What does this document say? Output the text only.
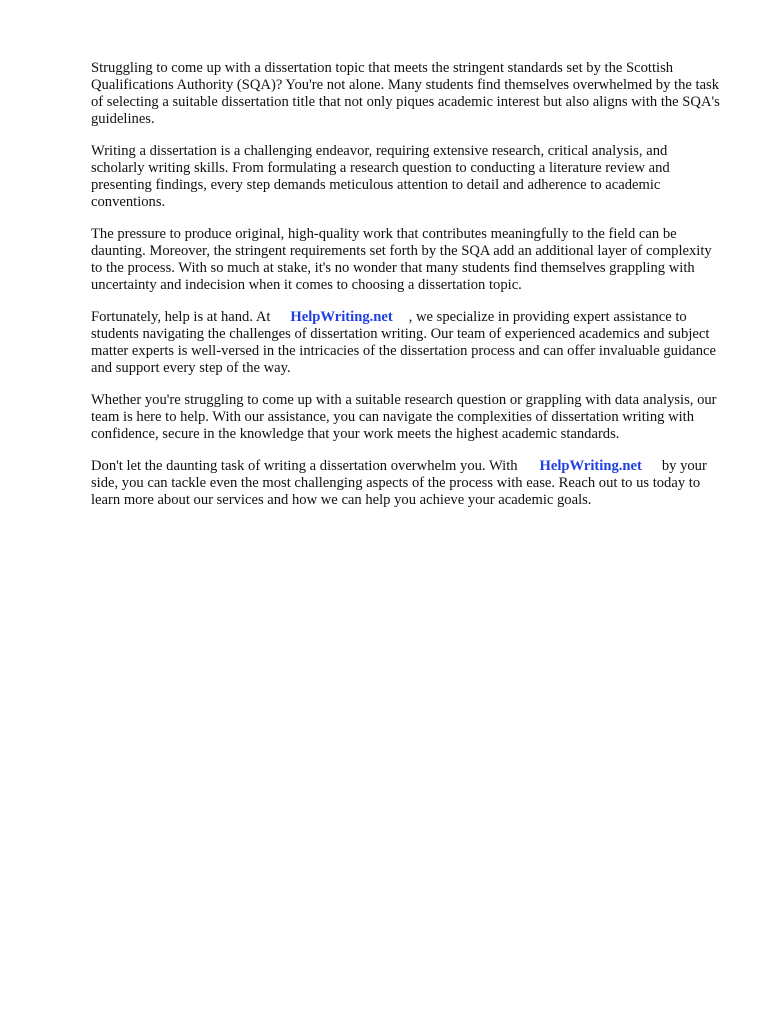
Struggling to come up with a dissertation topic that meets the stringent standards set by the Scottish Qualifications Authority (SQA)? You're not alone. Many students find themselves overwhelmed by the task of selecting a suitable dissertation title that not only piques academic interest but also aligns with the SQA's guidelines.

Writing a dissertation is a challenging endeavor, requiring extensive research, critical analysis, and scholarly writing skills. From formulating a research question to conducting a literature review and presenting findings, every step demands meticulous attention to detail and adherence to academic conventions.

The pressure to produce original, high-quality work that contributes meaningfully to the field can be daunting. Moreover, the stringent requirements set forth by the SQA add an additional layer of complexity to the process. With so much at stake, it's no wonder that many students find themselves grappling with uncertainty and indecision when it comes to choosing a dissertation topic.

Fortunately, help is at hand. At HelpWriting.net , we specialize in providing expert assistance to students navigating the challenges of dissertation writing. Our team of experienced academics and subject matter experts is well-versed in the intricacies of the dissertation process and can offer invaluable guidance and support every step of the way.

Whether you're struggling to come up with a suitable research question or grappling with data analysis, our team is here to help. With our assistance, you can navigate the complexities of dissertation writing with confidence, secure in the knowledge that your work meets the highest academic standards.

Don't let the daunting task of writing a dissertation overwhelm you. With HelpWriting.net by your side, you can tackle even the most challenging aspects of the process with ease. Reach out to us today to learn more about our services and how we can help you achieve your academic goals.
